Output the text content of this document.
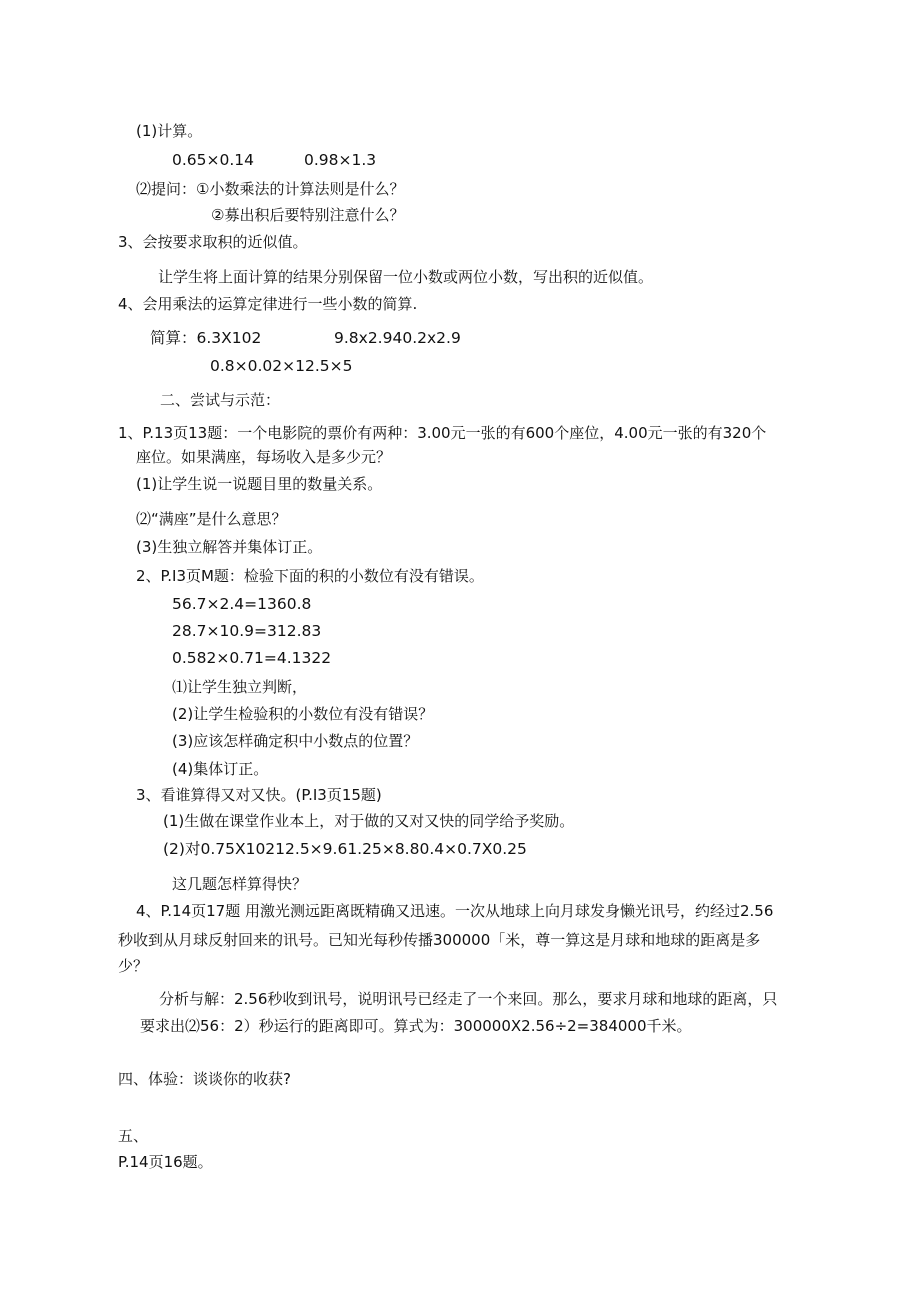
(1)计算。
0.65×0.14	0.98×1.3
⑵提问：①小数乘法的计算法则是什么？
②募出积后要特别注意什么？
3、会按要求取积的近似值。
让学生将上面计算的结果分别保留一位小数或两位小数，写出积的近似值。
4、会用乘法的运算定律进行一些小数的简算.
简算：6.3X102	9.8x2.940.2x2.9
0.8×0.02×12.5×5
二、尝试与示范：
1、P.13页13题：一个电影院的票价有两种：3.00元一张的有600个座位，4.00元一张的有320个
座位。如果满座，每场收入是多少元？
(1)让学生说一说题目里的数量关系。
⑵“满座”是什么意思？
(3)生独立解答并集体订正。
2、P.I3页M题：检验下面的积的小数位有没有错误。
56.7×2.4=1360.8
28.7×10.9=312.83
0.582×0.71=4.1322
⑴让学生独立判断，
(2)让学生检验积的小数位有没有错误？
(3)应该怎样确定积中小数点的位置？
(4)集体订正。
3、看谁算得又对又快。(P.I3页15题)
(1)生做在课堂作业本上，对于做的又对又快的同学给予奖励。
(2)对0.75X10212.5×9.61.25×8.80.4×0.7X0.25
这几题怎样算得快？
4、P.14页17题 用激光测远距离既精确又迅速。一次从地球上向月球发身懒光讯号，约经过2.56
秒收到从月球反射回来的讯号。已知光每秒传播300000「米，尊一算这是月球和地球的距离是多
少？
分析与解：2.56秒收到讯号，说明讯号已经走了一个来回。那么，要求月球和地球的距离，只
要求出⑵56：2）秒运行的距离即可。算式为：300000X2.56÷2=384000千米。
四、体验：谈谈你的收获?
五、
P.14页16题。
